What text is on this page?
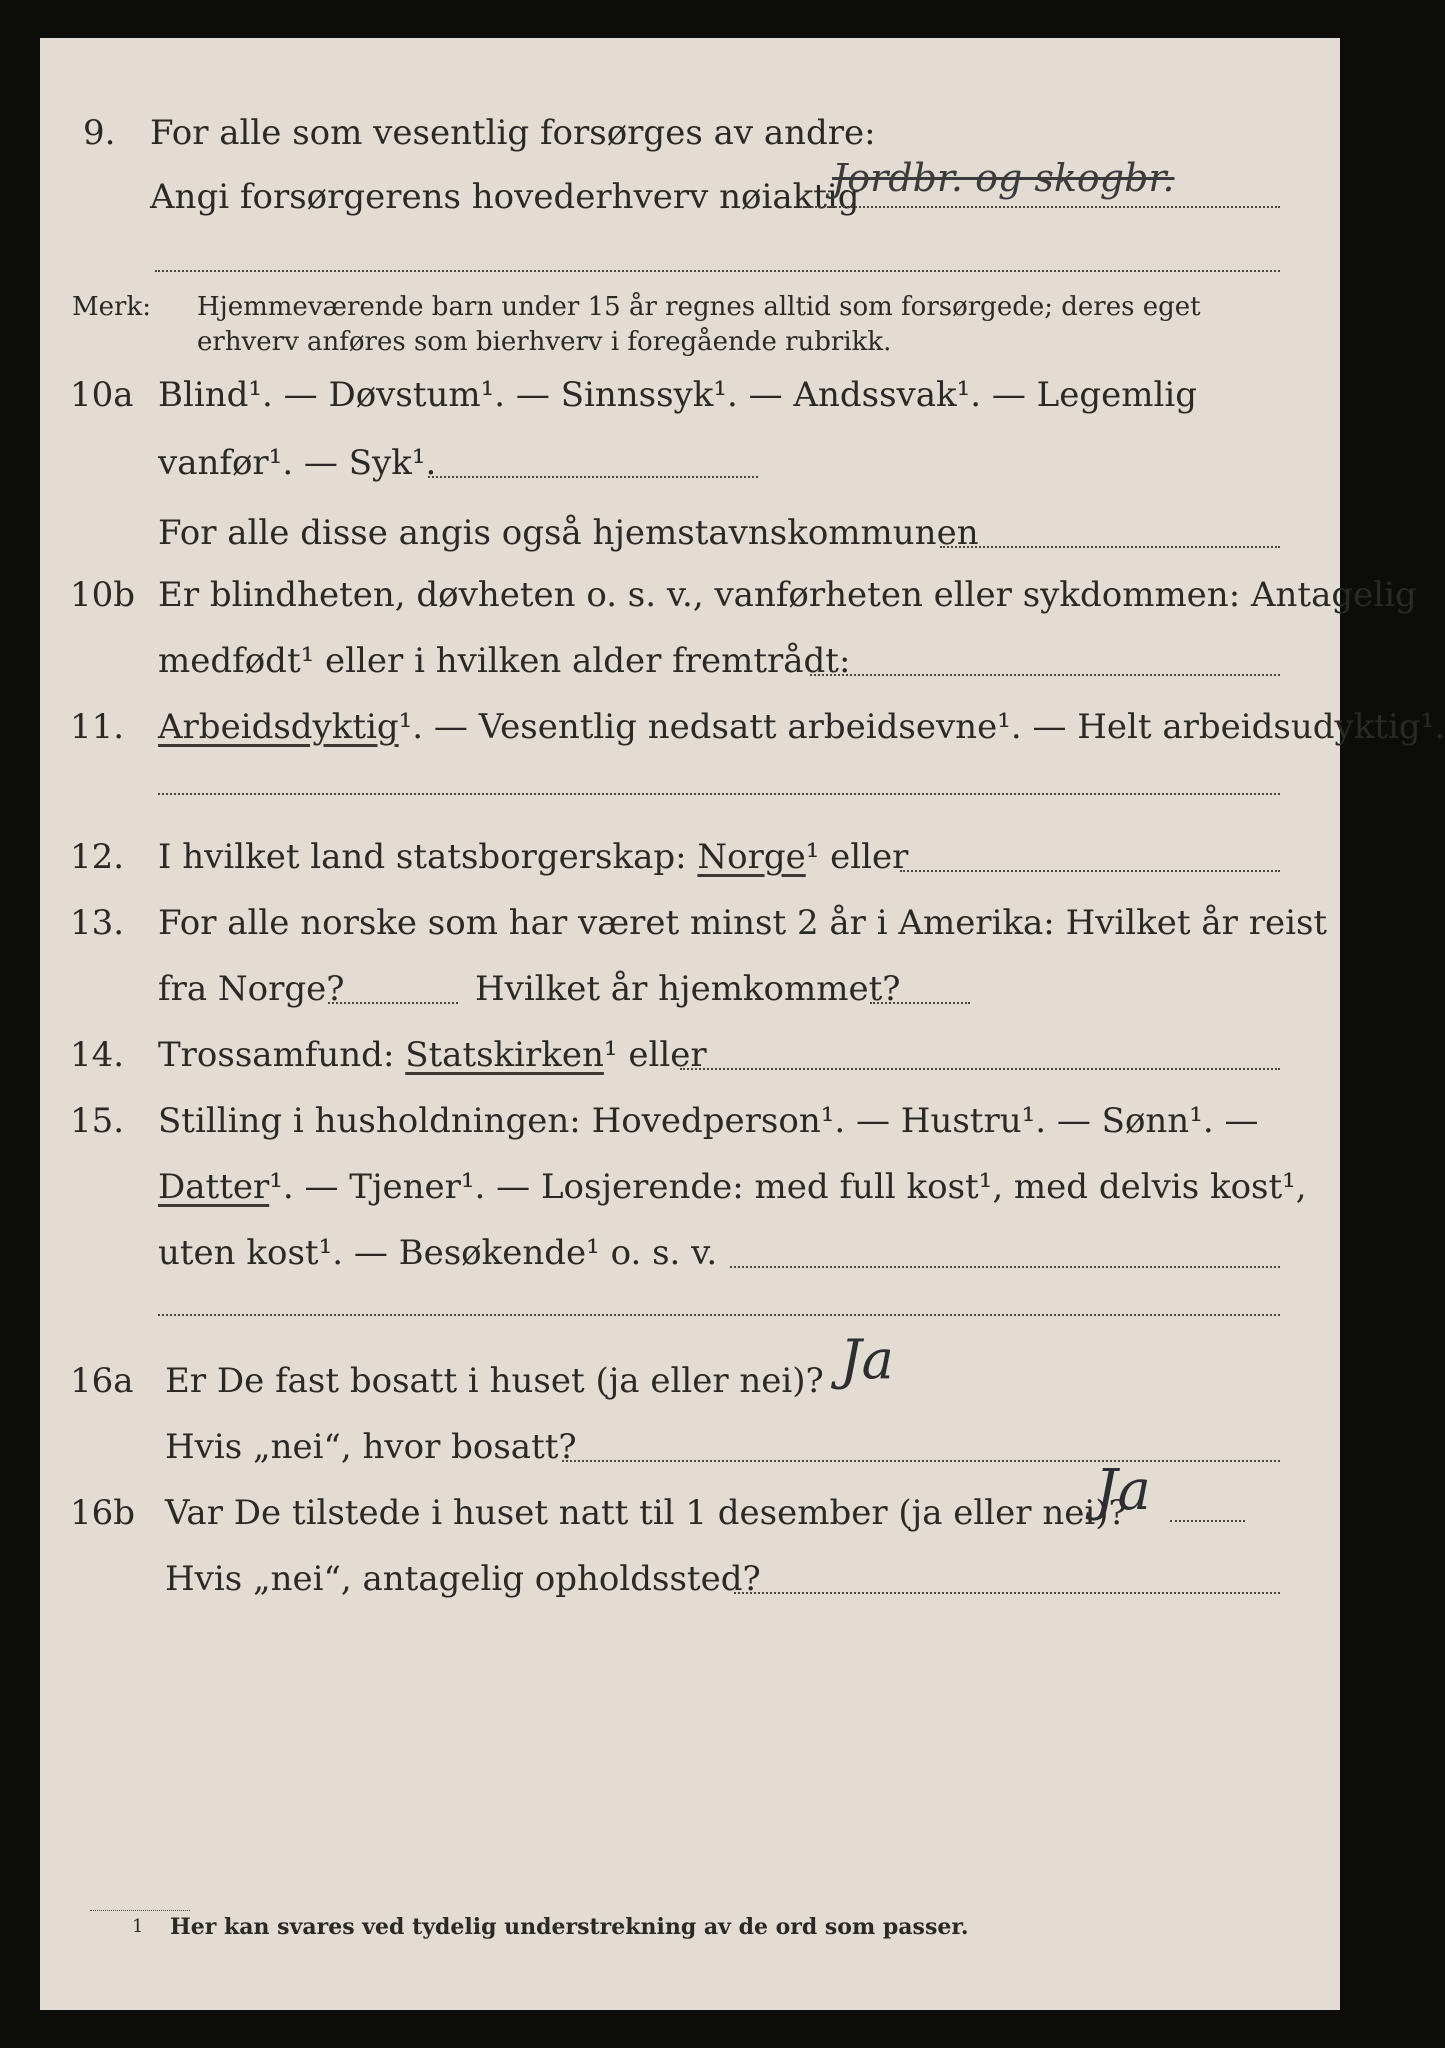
9. For alle som vesentlig forsørges av andre:
Angi forsørgerens hovederhverv nøiaktig
Jordbr. og skogbr.
Merk: Hjemmeværende barn under 15 år regnes alltid som forsørgede; deres eget erhverv anføres som bierhverv i foregående rubrikk.
10a Blind¹. — Døvstum¹. — Sinnssyk¹. — Andssvak¹. — Legemlig
vanfør¹. — Syk¹.
For alle disse angis også hjemstavnskommunen
10b Er blindheten, døvheten o. s. v., vanførheten eller sykdommen: Antagelig
medfødt¹ eller i hvilken alder fremtrådt:
11. Arbeidsdyktig¹. — Vesentlig nedsatt arbeidsevne¹. — Helt arbeidsudyktig¹.
12. I hvilket land statsborgerskap: Norge¹ eller
13. For alle norske som har været minst 2 år i Amerika: Hvilket år reist
fra Norge?	Hvilket år hjemkommet?
14. Trossamfund: Statskirken¹ eller
15. Stilling i husholdningen: Hovedperson¹. — Hustru¹. — Sønn¹. —
Datter¹. — Tjener¹. — Losjerende: med full kost¹, med delvis kost¹,
uten kost¹. — Besøkende¹ o. s. v.
16a Er De fast bosatt i huset (ja eller nei)? Ja
Hvis „nei“, hvor bosatt?
16b Var De tilstede i huset natt til 1 desember (ja eller nei)?
Ja
Hvis „nei“, antagelig opholdssted?
1 Her kan svares ved tydelig understrekning av de ord som passer.
